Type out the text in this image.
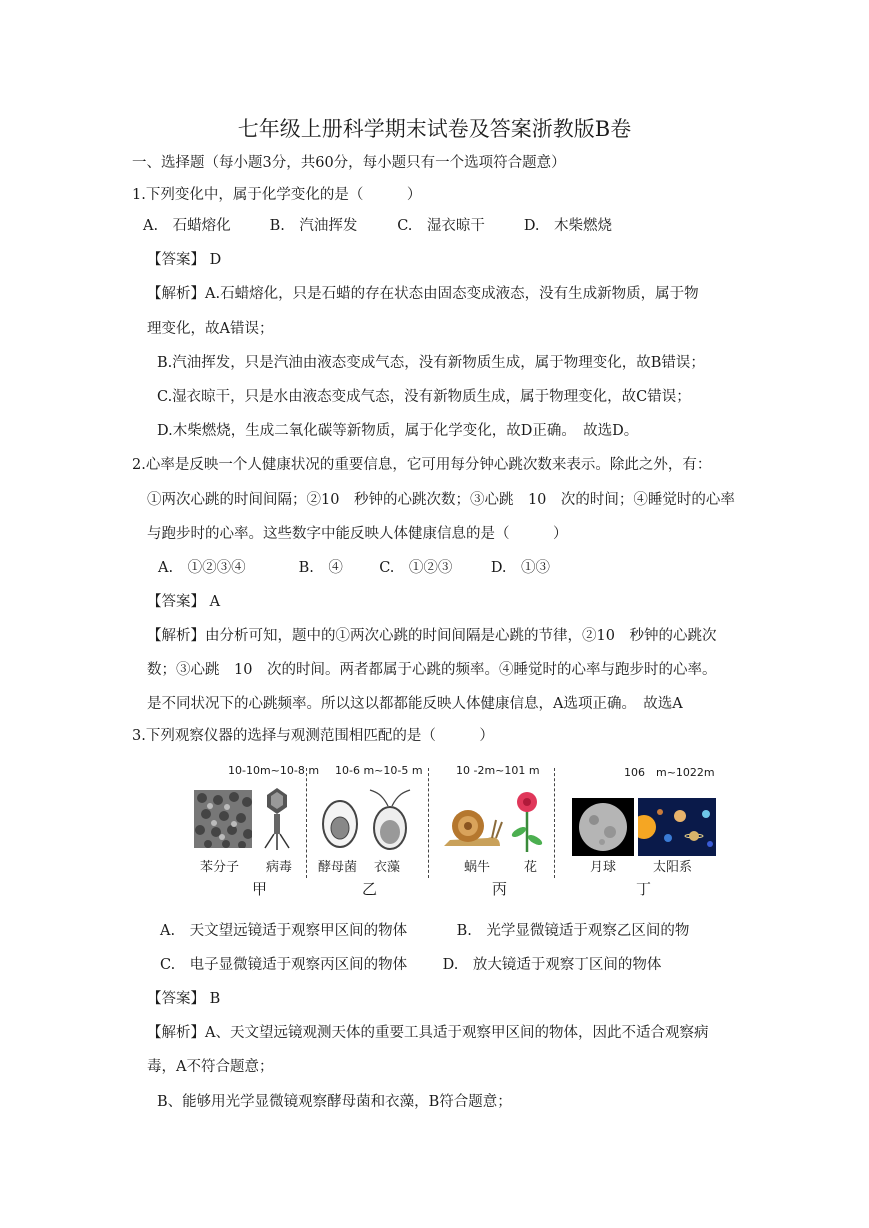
七年级上册科学期末试卷及答案浙教版B卷
一、选择题（每小题3分，共60分，每小题只有一个选项符合题意）
1.下列变化中，属于化学变化的是（　　　）
A.　石蜡熔化	B.　汽油挥发	C.　湿衣晾干	D.　木柴燃烧
【答案】 D
【解析】A.石蜡熔化，只是石蜡的存在状态由固态变成液态，没有生成新物质，属于物
理变化，故A错误；
B.汽油挥发，只是汽油由液态变成气态，没有新物质生成，属于物理变化，故B错误；
C.湿衣晾干，只是水由液态变成气态，没有新物质生成，属于物理变化，故C错误；
D.木柴燃烧，生成二氧化碳等新物质，属于化学变化，故D正确。　故选D。
2.心率是反映一个人健康状况的重要信息，它可用每分钟心跳次数来表示。除此之外，有：
①两次心跳的时间间隔；②10　秒钟的心跳次数；③心跳　10　次的时间；④睡觉时的心率
与跑步时的心率。这些数字中能反映人体健康信息的是（　　　）
A.　①②③④	B.　④	C.　①②③	D.　①③
【答案】 A
【解析】由分析可知，题中的①两次心跳的时间间隔是心跳的节律，②10　秒钟的心跳次
数；③心跳　10　次的时间。两者都属于心跳的频率。④睡觉时的心率与跑步时的心率。
是不同状况下的心跳频率。所以这以都都能反映人体健康信息，A选项正确。　故选A
3.下列观察仪器的选择与观测范围相匹配的是（　　　）
10-10m~10-8 m 10-6 m~10-5 m	10 -2m~101 m	106　m~1022m
苯分子 病毒 酵母菌 衣藻	蜗牛	花	月球	太阳系
甲	乙	丙	丁
A.　天文望远镜适于观察甲区间的物体	B.　光学显微镜适于观察乙区间的物
C.　电子显微镜适于观察丙区间的物体 D.　放大镜适于观察丁区间的物体
【答案】 B
【解析】A、天文望远镜观测天体的重要工具适于观察甲区间的物体，因此不适合观察病
毒，A不符合题意；
B、能够用光学显微镜观察酵母菌和衣藻，B符合题意；
